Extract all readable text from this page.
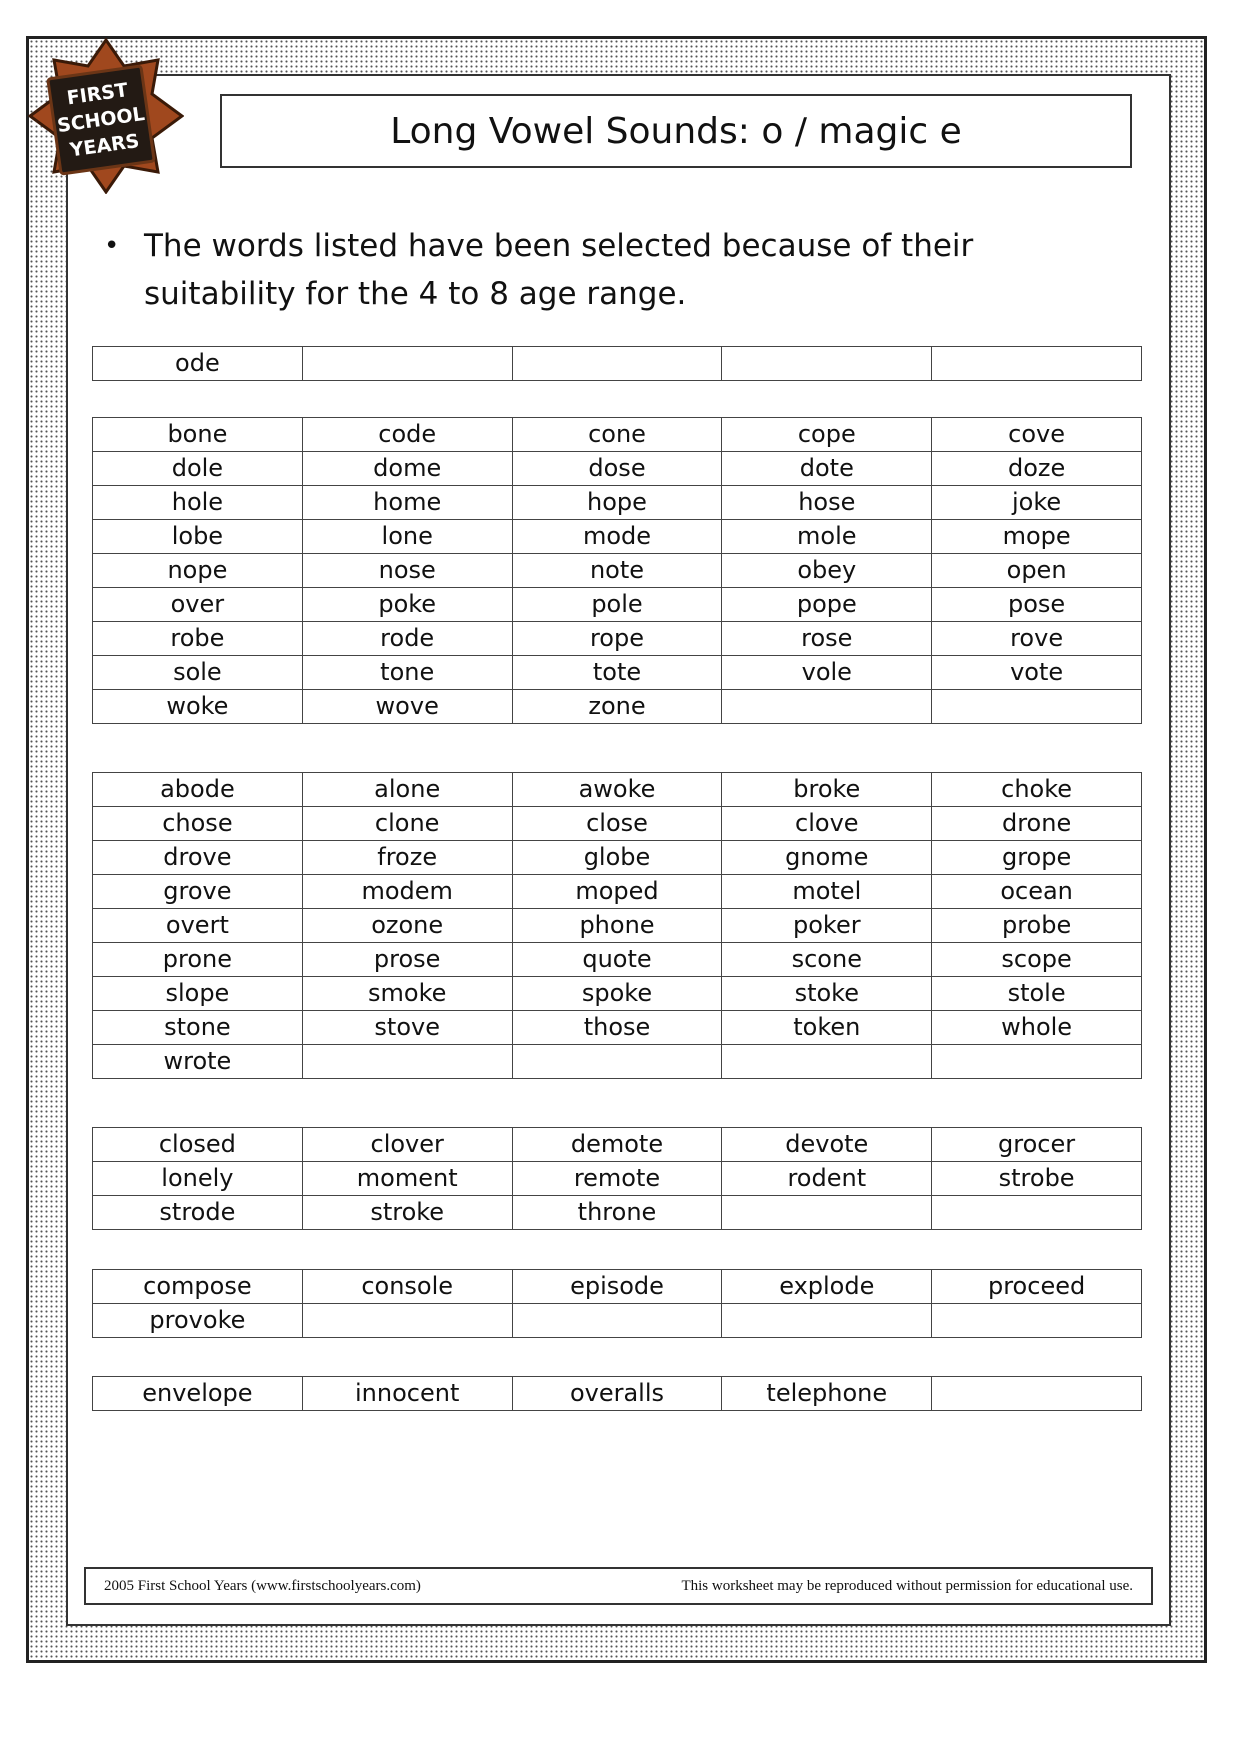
FIRST
SCHOOL
YEARS	Long Vowel Sounds: o / magic e
• The words listed have been selected because of their suitability for the 4 to 8 age range.
ode				
bone	code	cone	cope	cove
dole	dome	dose	dote	doze
hole	home	hope	hose	joke
lobe	lone	mode	mole	mope
nope	nose	note	obey	open
over	poke	pole	pope	pose
robe	rode	rope	rose	rove
sole	tone	tote	vole	vote
woke	wove	zone		
abode	alone	awoke	broke	choke
chose	clone	close	clove	drone
drove	froze	globe	gnome	grope
grove	modem	moped	motel	ocean
overt	ozone	phone	poker	probe
prone	prose	quote	scone	scope
slope	smoke	spoke	stoke	stole
stone	stove	those	token	whole
wrote				
closed	clover	demote	devote	grocer
lonely	moment	remote	rodent	strobe
strode	stroke	throne		
compose	console	episode	explode	proceed
provoke				
envelope	innocent	overalls	telephone	
2005 First School Years (www.firstschoolyears.com)	This worksheet may be reproduced without permission for educational use.
